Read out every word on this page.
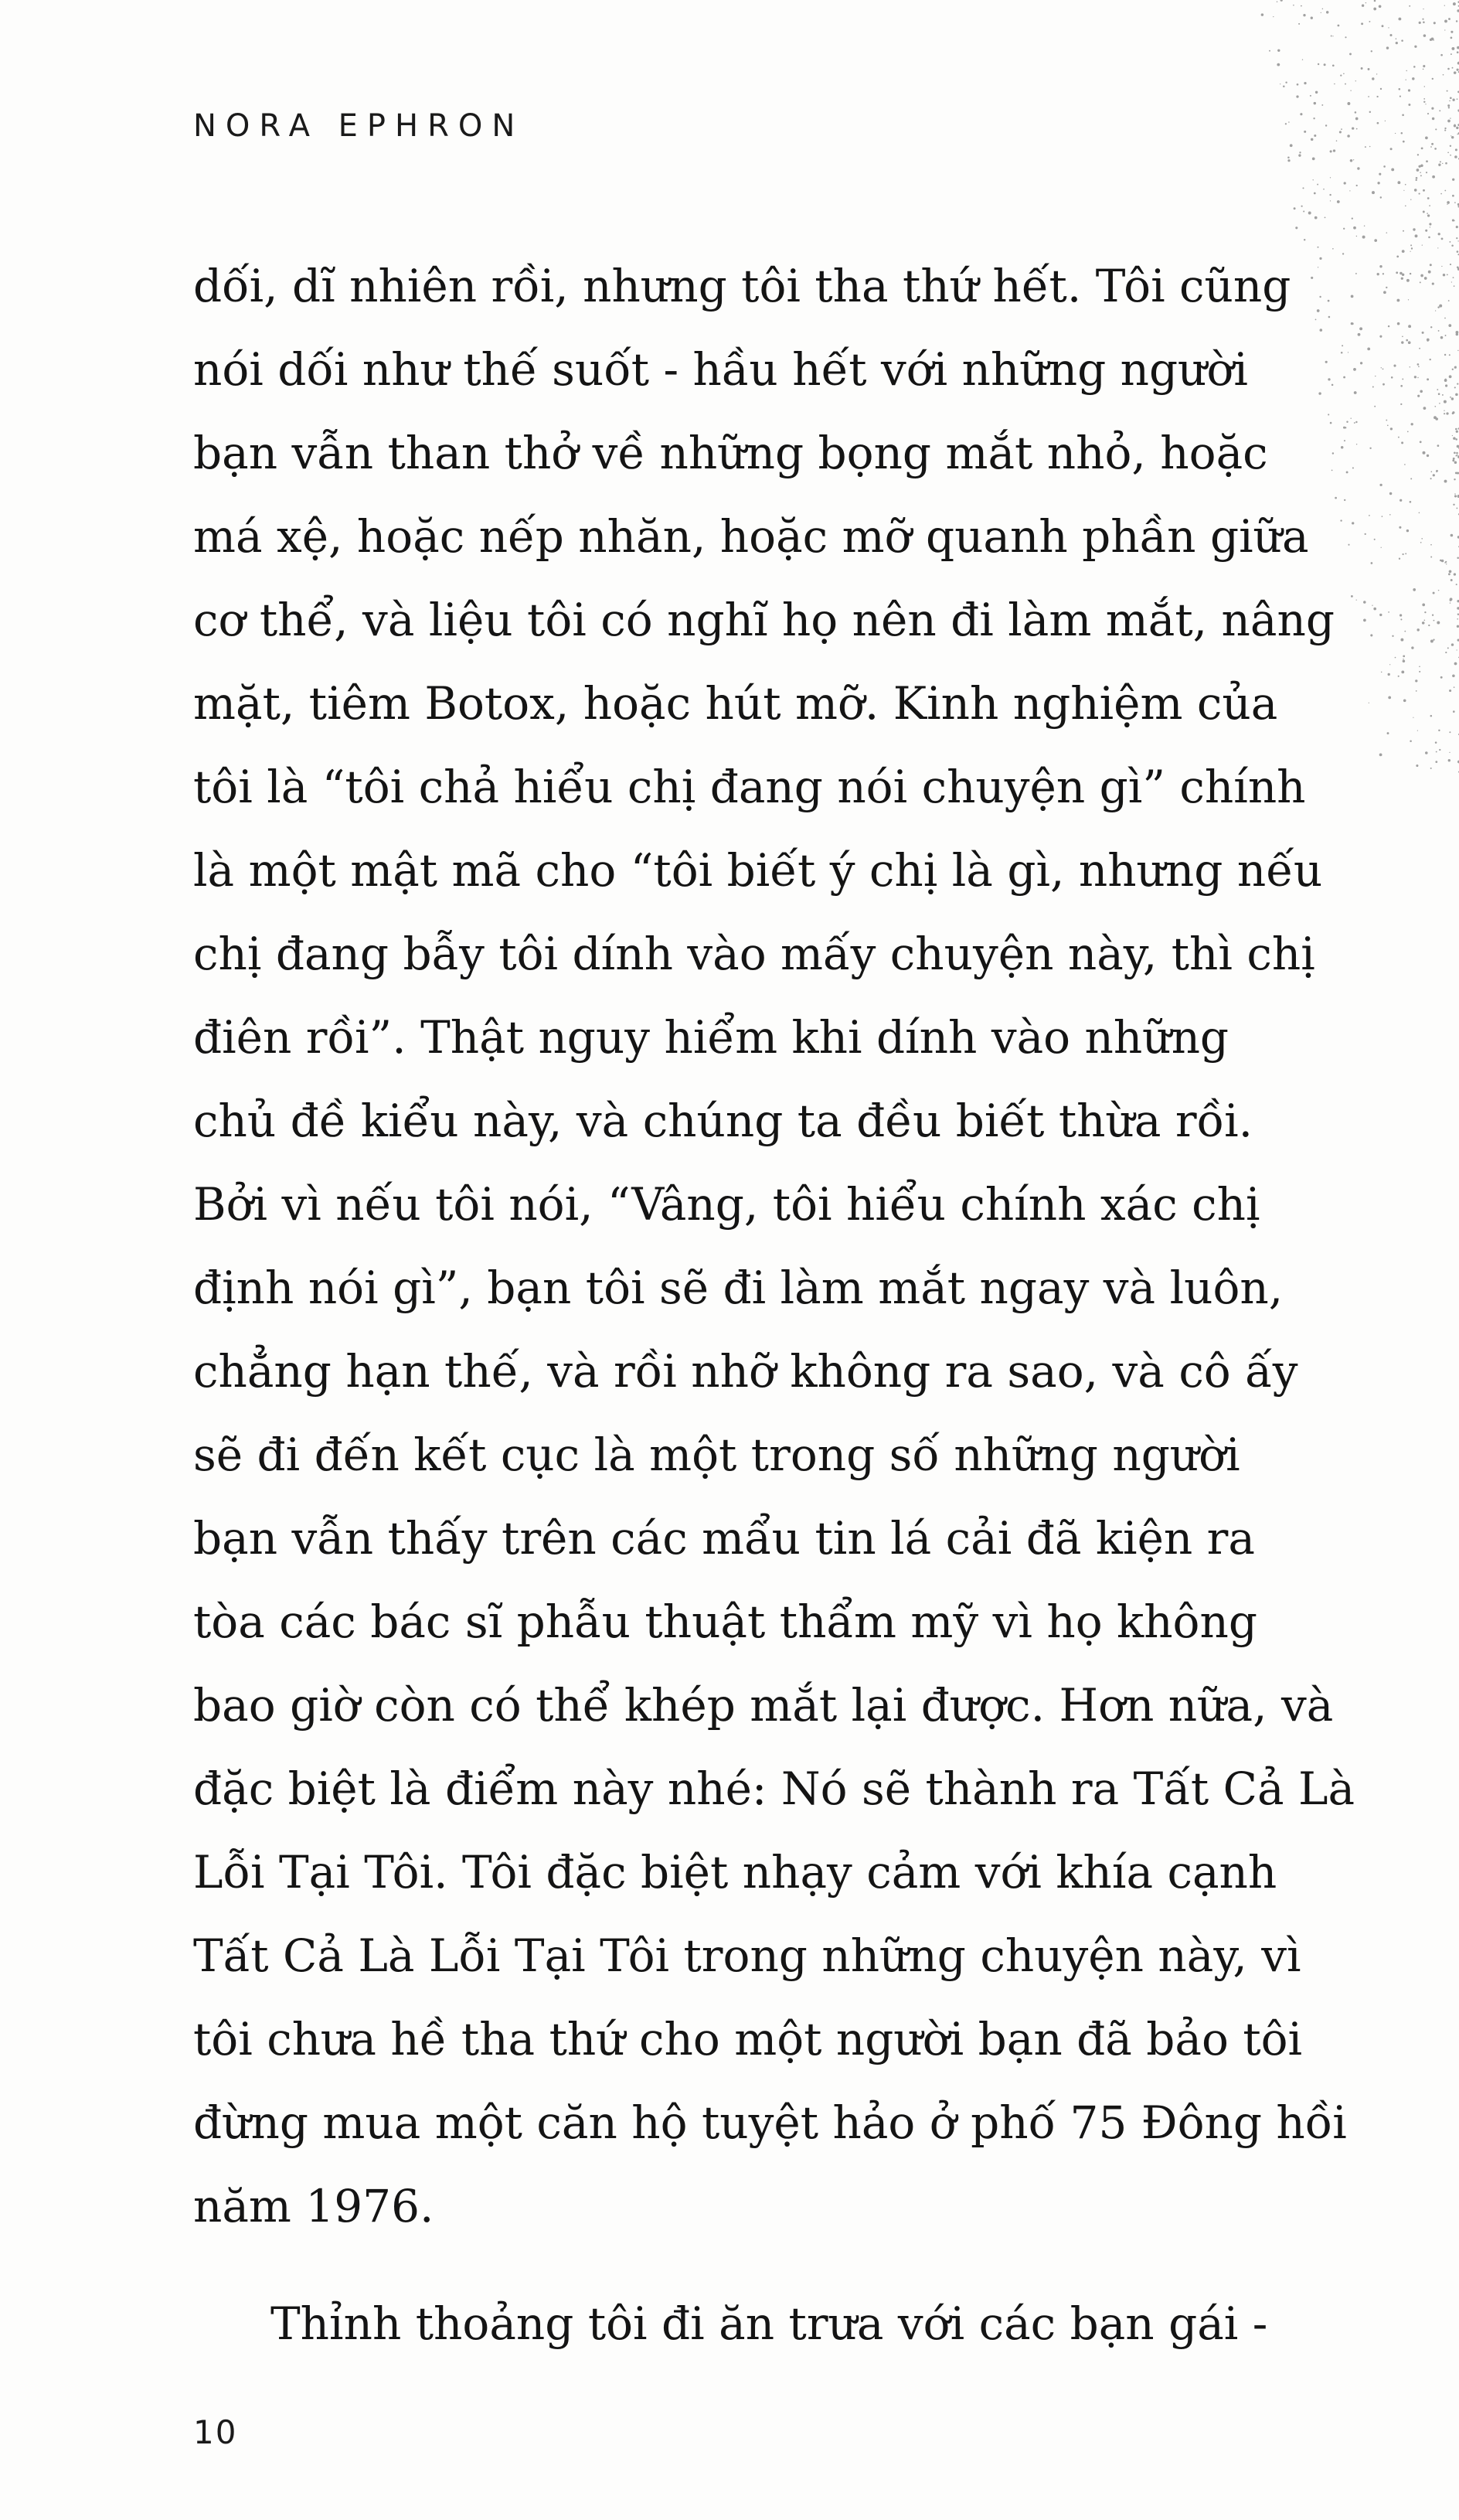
NORA EPHRON
dối, dĩ nhiên rồi, nhưng tôi tha thứ hết. Tôi cũng
nói dối như thế suốt - hầu hết với những người
bạn vẫn than thở về những bọng mắt nhỏ, hoặc
má xệ, hoặc nếp nhăn, hoặc mỡ quanh phần giữa
cơ thể, và liệu tôi có nghĩ họ nên đi làm mắt, nâng
mặt, tiêm Botox, hoặc hút mỡ. Kinh nghiệm của
tôi là “tôi chả hiểu chị đang nói chuyện gì” chính
là một mật mã cho “tôi biết ý chị là gì, nhưng nếu
chị đang bẫy tôi dính vào mấy chuyện này, thì chị
điên rồi”. Thật nguy hiểm khi dính vào những
chủ đề kiểu này, và chúng ta đều biết thừa rồi.
Bởi vì nếu tôi nói, “Vâng, tôi hiểu chính xác chị
định nói gì”, bạn tôi sẽ đi làm mắt ngay và luôn,
chẳng hạn thế, và rồi nhỡ không ra sao, và cô ấy
sẽ đi đến kết cục là một trong số những người
bạn vẫn thấy trên các mẩu tin lá cải đã kiện ra
tòa các bác sĩ phẫu thuật thẩm mỹ vì họ không
bao giờ còn có thể khép mắt lại được. Hơn nữa, và
đặc biệt là điểm này nhé: Nó sẽ thành ra Tất Cả Là
Lỗi Tại Tôi. Tôi đặc biệt nhạy cảm với khía cạnh
Tất Cả Là Lỗi Tại Tôi trong những chuyện này, vì
tôi chưa hề tha thứ cho một người bạn đã bảo tôi
đừng mua một căn hộ tuyệt hảo ở phố 75 Đông hồi
năm 1976.
Thỉnh thoảng tôi đi ăn trưa với các bạn gái -
10
